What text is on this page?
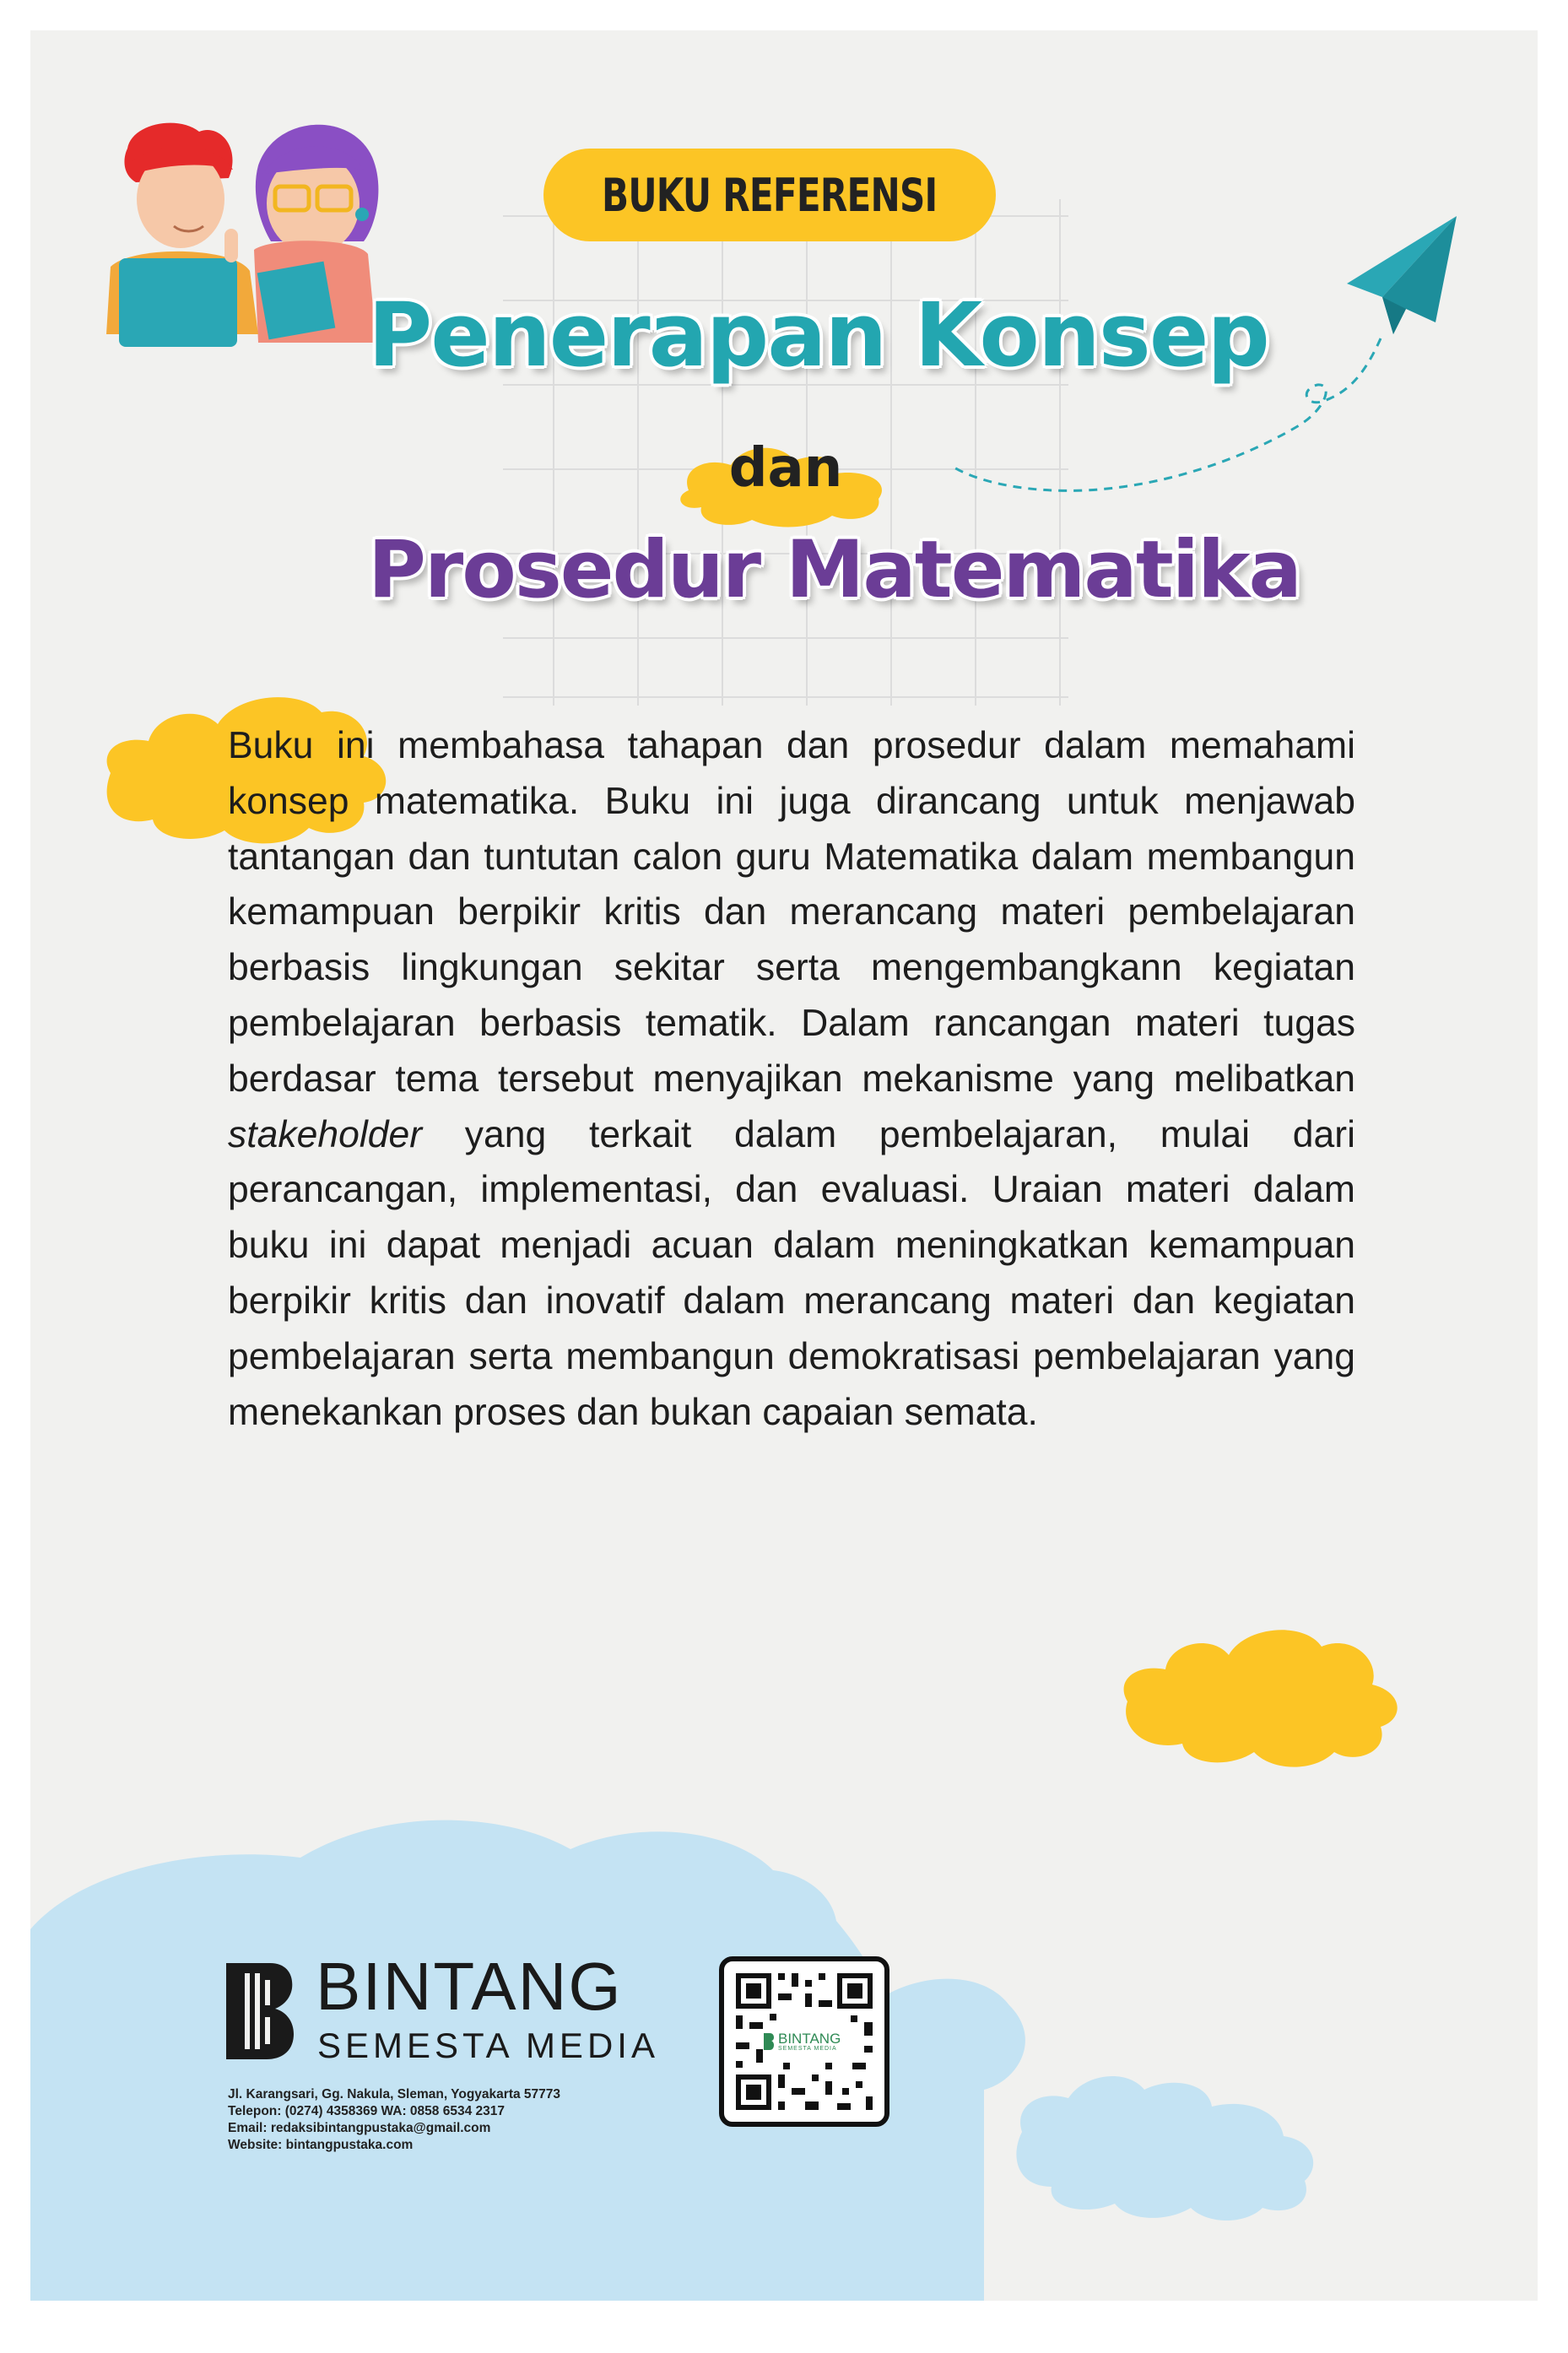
BUKU REFERENSI
Penerapan Konsep
dan
Prosedur Matematika

Buku ini membahasa tahapan dan prosedur dalam memahami konsep matematika. Buku ini juga dirancang untuk menjawab tantangan dan tuntutan calon guru Matematika dalam membangun kemampuan berpikir kritis dan merancang materi pembelajaran berbasis lingkungan sekitar serta mengembangkann kegiatan pembelajaran berbasis tematik. Dalam rancangan materi tugas berdasar tema tersebut menyajikan mekanisme yang melibatkan stakeholder yang terkait dalam pembelajaran, mulai dari perancangan, implementasi, dan evaluasi. Uraian materi dalam buku ini dapat menjadi acuan dalam meningkatkan kemampuan berpikir kritis dan inovatif dalam merancang materi dan kegiatan pembelajaran serta membangun demokratisasi pembelajaran yang menekankan proses dan bukan capaian semata.

BINTANG
SEMESTA MEDIA
Jl. Karangsari, Gg. Nakula, Sleman, Yogyakarta 57773
Telepon: (0274) 4358369 WA: 0858 6534 2317
Email: redaksibintangpustaka@gmail.com
Website: bintangpustaka.com
BINTANG
SEMESTA MEDIA
